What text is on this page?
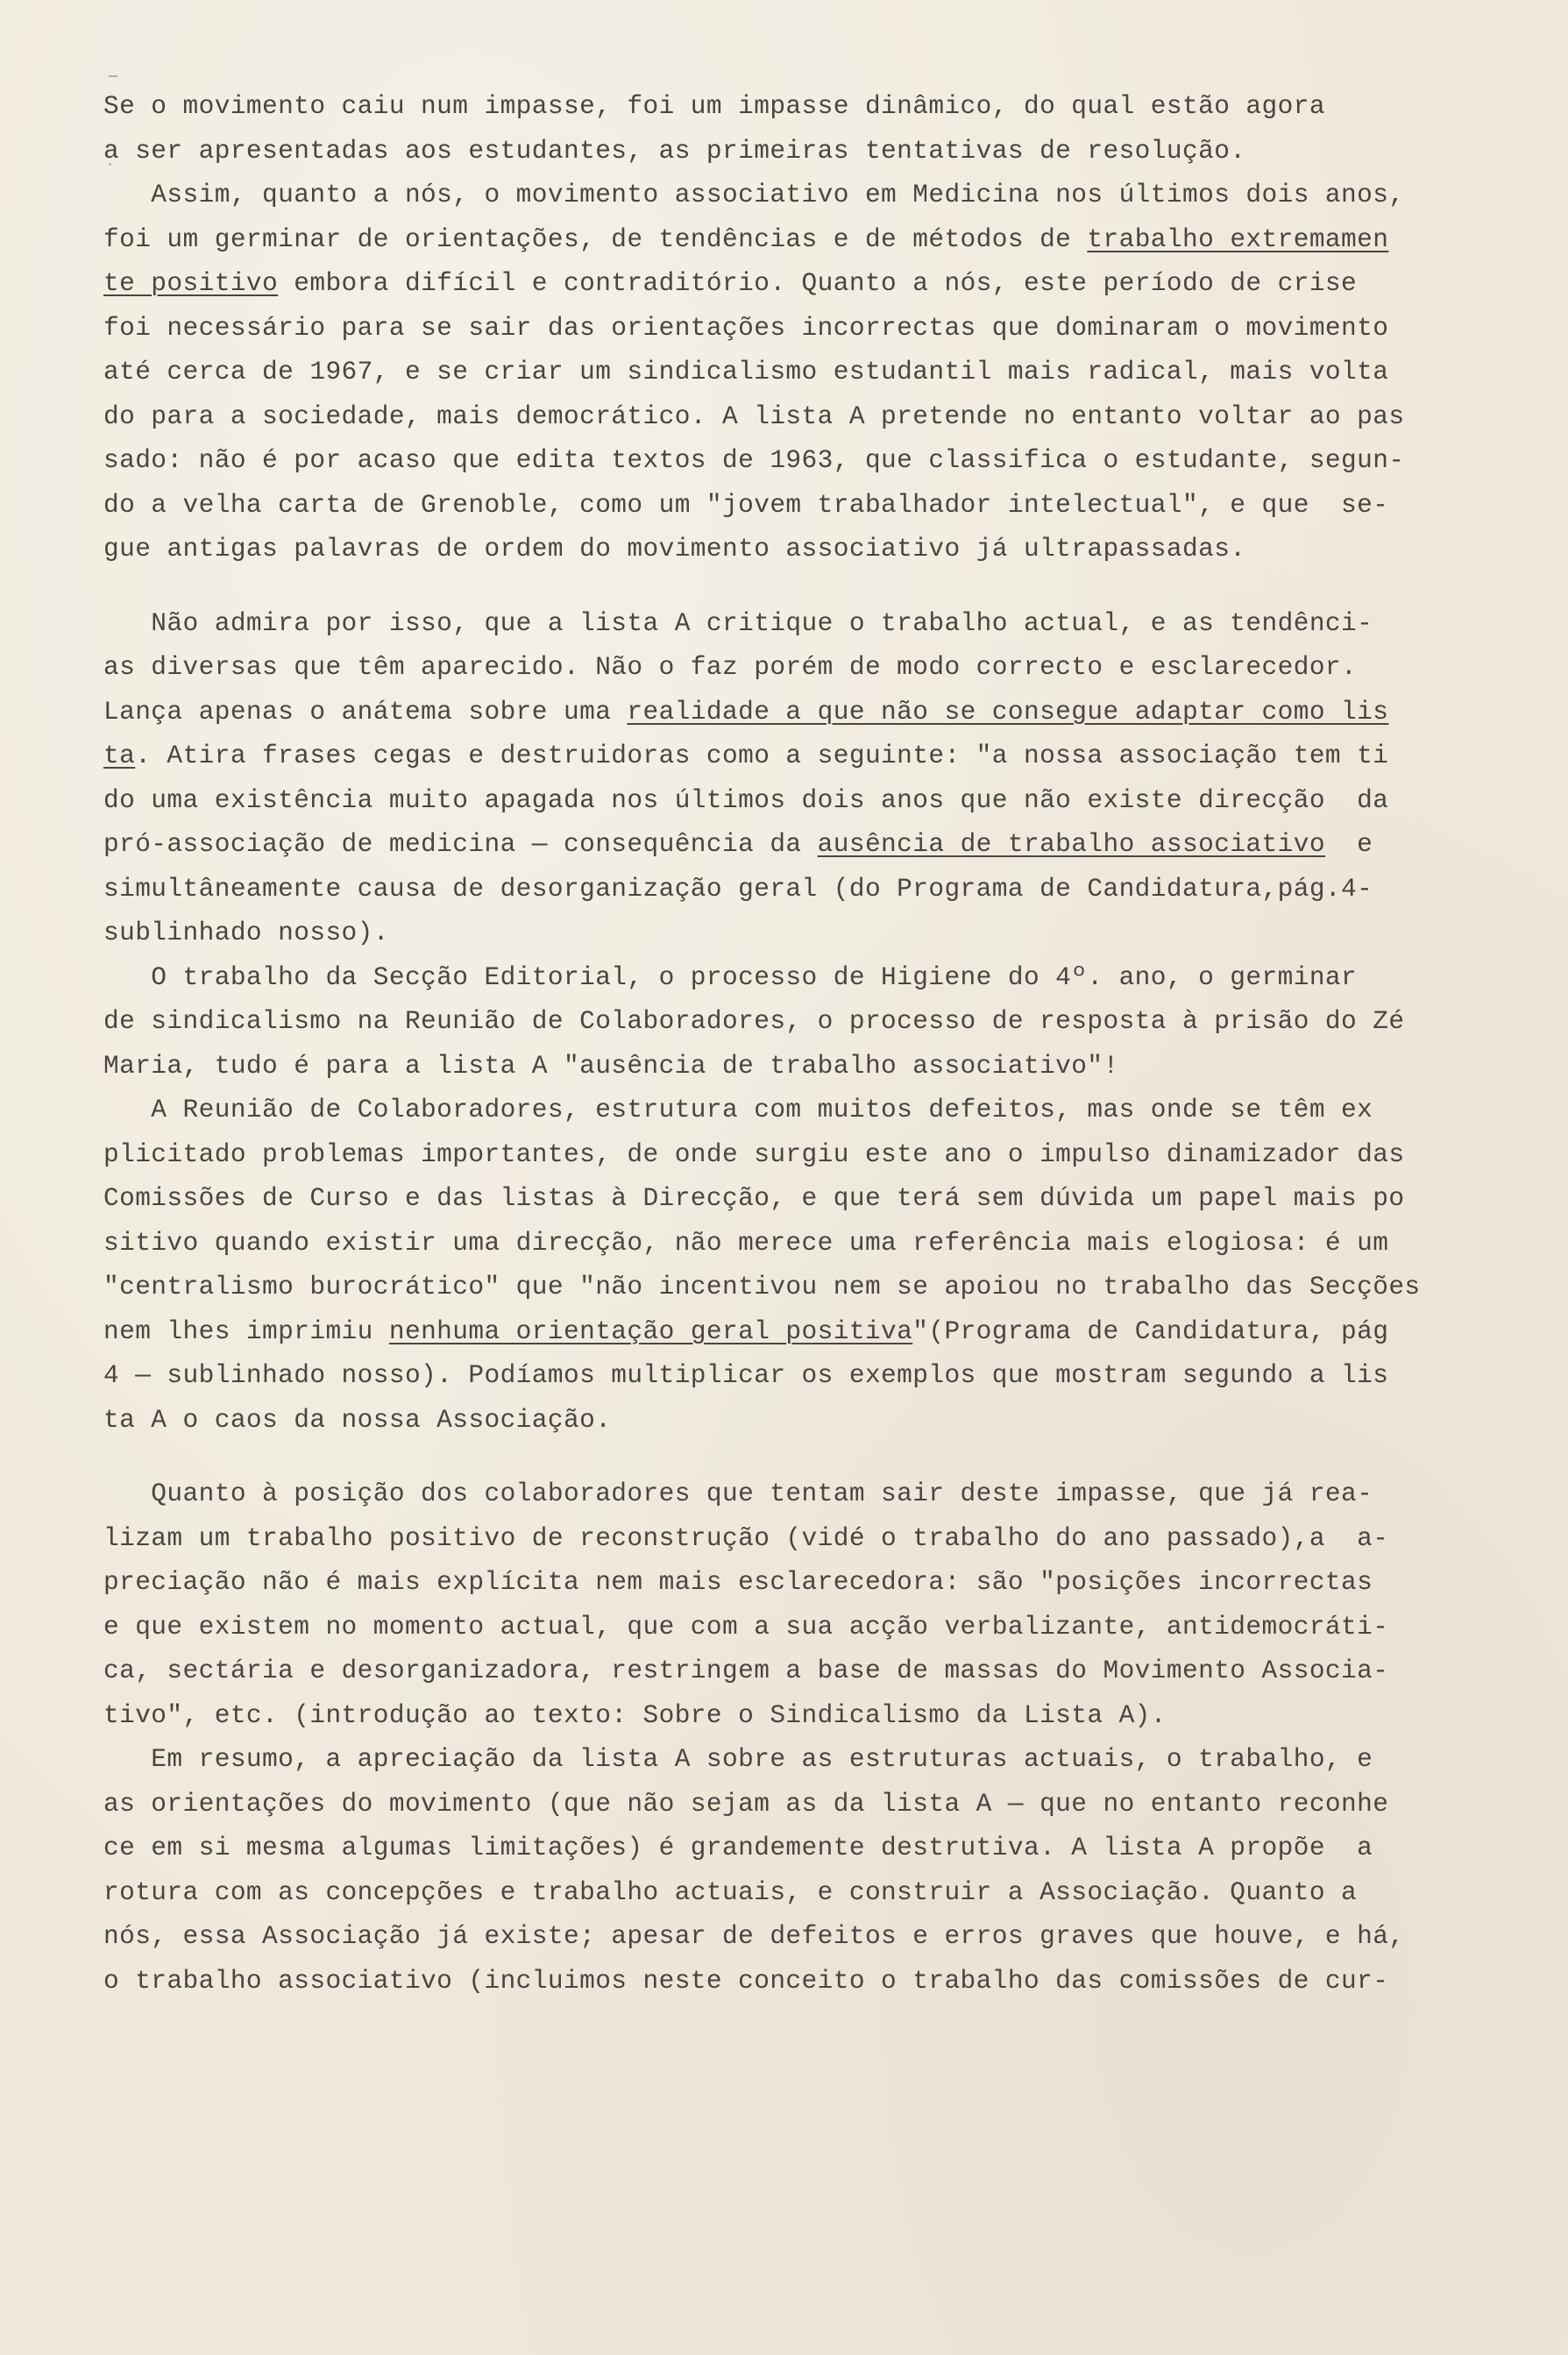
Se o movimento caiu num impasse, foi um impasse dinâmico, do qual estão agora
a ser apresentadas aos estudantes, as primeiras tentativas de resolução.
Assim, quanto a nós, o movimento associativo em Medicina nos últimos dois anos,
foi um germinar de orientações, de tendências e de métodos de trabalho extremamen
te positivo embora difícil e contraditório. Quanto a nós, este período de crise
foi necessário para se sair das orientações incorrectas que dominaram o movimento
até cerca de 1967, e se criar um sindicalismo estudantil mais radical, mais volta
do para a sociedade, mais democrático. A lista A pretende no entanto voltar ao pas
sado: não é por acaso que edita textos de 1963, que classifica o estudante, segun-
do a velha carta de Grenoble, como um "jovem trabalhador intelectual", e que  se-
gue antigas palavras de ordem do movimento associativo já ultrapassadas.
Não admira por isso, que a lista A critique o trabalho actual, e as tendênci-
as diversas que têm aparecido. Não o faz porém de modo correcto e esclarecedor.
Lança apenas o anátema sobre uma realidade a que não se consegue adaptar como lis
ta. Atira frases cegas e destruidoras como a seguinte: "a nossa associação tem ti
do uma existência muito apagada nos últimos dois anos que não existe direcção  da
pró-associação de medicina — consequência da ausência de trabalho associativo  e
simultâneamente causa de desorganização geral (do Programa de Candidatura,pág.4-
sublinhado nosso).
O trabalho da Secção Editorial, o processo de Higiene do 4º. ano, o germinar
de sindicalismo na Reunião de Colaboradores, o processo de resposta à prisão do Zé
Maria, tudo é para a lista A "ausência de trabalho associativo"!
A Reunião de Colaboradores, estrutura com muitos defeitos, mas onde se têm ex
plicitado problemas importantes, de onde surgiu este ano o impulso dinamizador das
Comissões de Curso e das listas à Direcção, e que terá sem dúvida um papel mais po
sitivo quando existir uma direcção, não merece uma referência mais elogiosa: é um
"centralismo burocrático" que "não incentivou nem se apoiou no trabalho das Secções
nem lhes imprimiu nenhuma orientação geral positiva"(Programa de Candidatura, pág
4 — sublinhado nosso). Podíamos multiplicar os exemplos que mostram segundo a lis
ta A o caos da nossa Associação.
Quanto à posição dos colaboradores que tentam sair deste impasse, que já rea-
lizam um trabalho positivo de reconstrução (vidé o trabalho do ano passado),a  a-
preciação não é mais explícita nem mais esclarecedora: são "posições incorrectas
e que existem no momento actual, que com a sua acção verbalizante, antidemocráti-
ca, sectária e desorganizadora, restringem a base de massas do Movimento Associa-
tivo", etc. (introdução ao texto: Sobre o Sindicalismo da Lista A).
Em resumo, a apreciação da lista A sobre as estruturas actuais, o trabalho, e
as orientações do movimento (que não sejam as da lista A — que no entanto reconhe
ce em si mesma algumas limitações) é grandemente destrutiva. A lista A propõe  a
rotura com as concepções e trabalho actuais, e construir a Associação. Quanto a
nós, essa Associação já existe; apesar de defeitos e erros graves que houve, e há,
o trabalho associativo (incluimos neste conceito o trabalho das comissões de cur-
